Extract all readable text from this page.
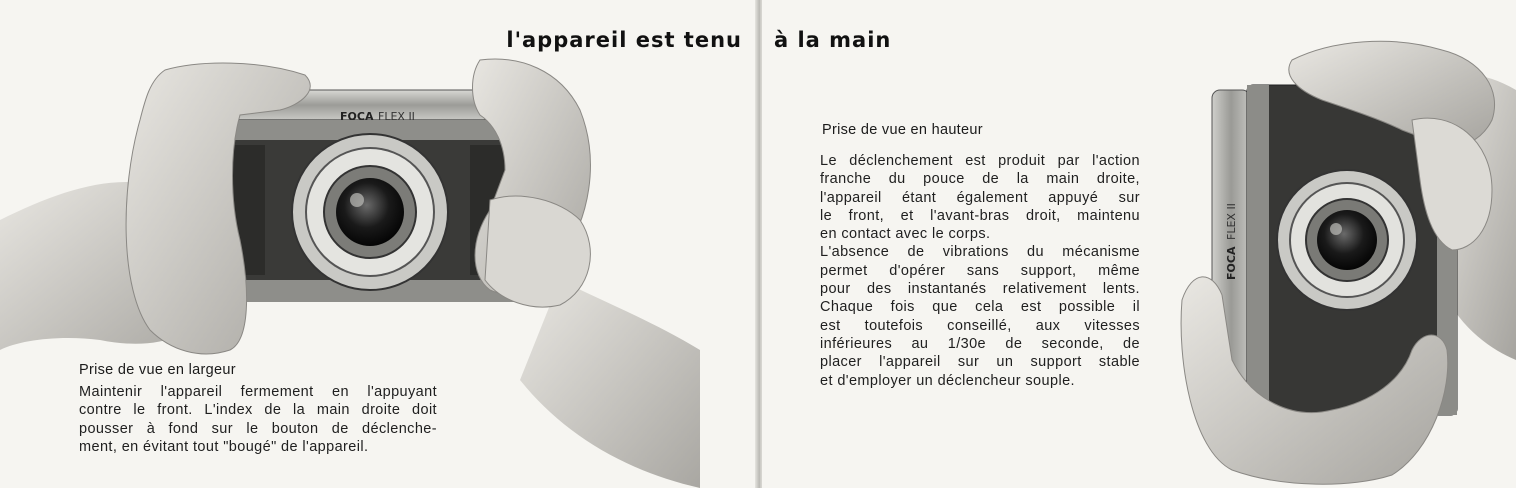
l'appareil est tenu
FOCA FLEX II
Prise de vue en largeur

Maintenir l'appareil fermement en l'appuyant
contre le front. L'index de la main droite doit
pousser à fond sur le bouton de déclenche-
ment, en évitant tout "bougé" de l'appareil.

à la main
Prise de vue en hauteur

Le déclenchement est produit par l'action
franche du pouce de la main droite,
l'appareil étant également appuyé sur
le front, et l'avant-bras droit, maintenu
en contact avec le corps.
L'absence de vibrations du mécanisme
permet d'opérer sans support, même
pour des instantanés relativement lents.
Chaque fois que cela est possible il
est toutefois conseillé, aux vitesses
inférieures au 1/30e de seconde, de
placer l'appareil sur un support stable
et d'employer un déclencheur souple.

FOCA
FLEX II
